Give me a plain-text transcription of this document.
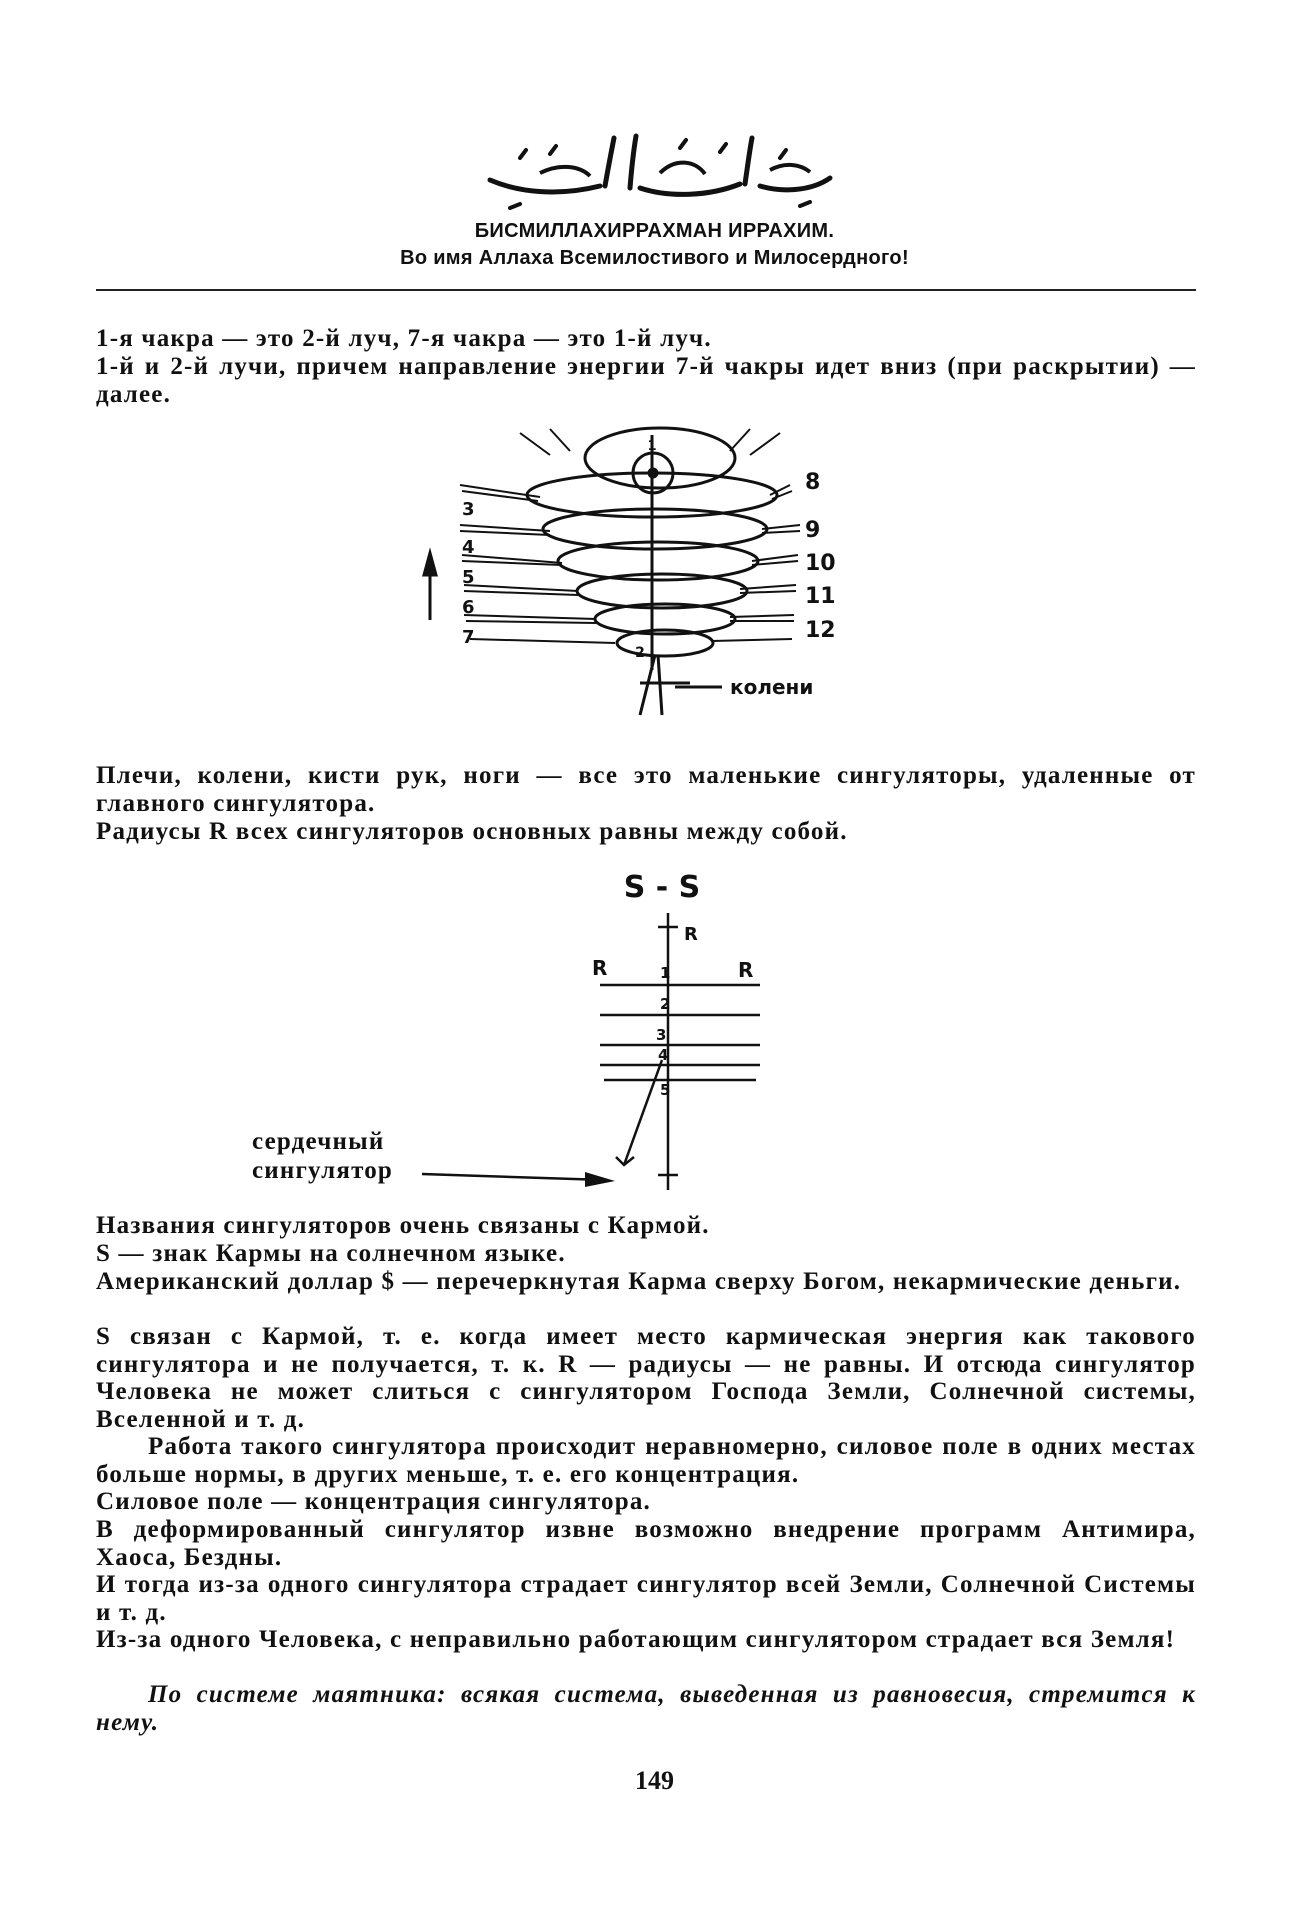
БИСМИЛЛАХИРРАХМАН ИРРАХИМ.
Во имя Аллаха Всемилостивого и Милосердного!

1-я чакра — это 2-й луч, 7-я чакра — это 1-й луч.

1-й и 2-й лучи, причем направление энергии 7-й чакры идет вниз (при раскрытии) — далее.

1
2
3
4
5
6
7
8
9
10
11
12
колени

Плечи, колени, кисти рук, ноги — все это маленькие сингуляторы, удаленные от главного сингулятора.

Радиусы R всех сингуляторов основных равны между собой.

S - S
R
R	R
1
2
3
4
5

сердечный

сингулятор

Названия сингуляторов очень связаны с Кармой.

S — знак Кармы на солнечном языке.

Американский доллар $ — перечеркнутая Карма сверху Богом, некармические деньги.

S связан с Кармой, т. е. когда имеет место кармическая энергия как такового сингулятора и не получается, т. к. R — радиусы — не равны. И отсюда сингулятор Человека не может слиться с сингулятором Господа Земли, Солнечной системы, Вселенной и т. д.

Работа такого сингулятора происходит неравномерно, силовое поле в одних местах больше нормы, в других меньше, т. е. его концентрация.

Силовое поле — концентрация сингулятора.

В деформированный сингулятор извне возможно внедрение программ Антимира, Хаоса, Бездны.

И тогда из-за одного сингулятора страдает сингулятор всей Земли, Солнечной Системы и т. д.

Из-за одного Человека, с неправильно работающим сингулятором страдает вся Земля!

По системе маятника: всякая система, выведенная из равновесия, стремится к нему.

149
